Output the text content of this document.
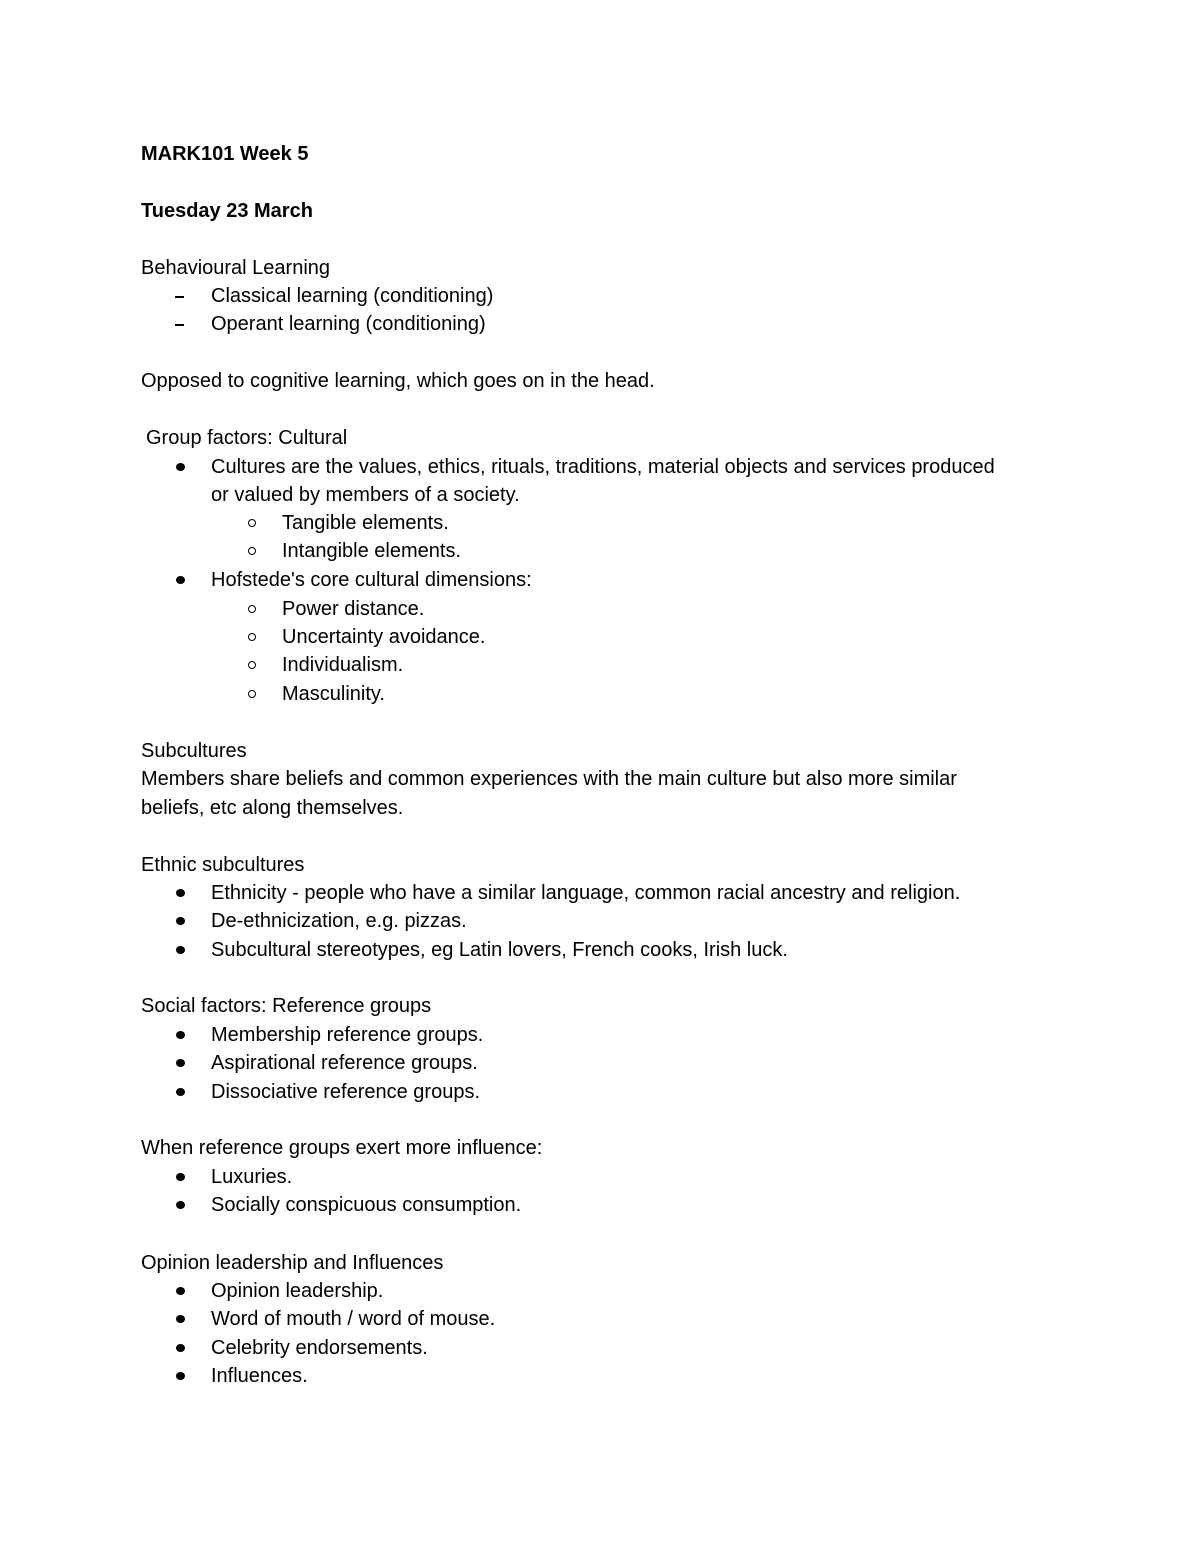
MARK101 Week 5
Tuesday 23 March
Behavioural Learning
Classical learning (conditioning)
Operant learning (conditioning)
Opposed to cognitive learning, which goes on in the head.
Group factors: Cultural
Cultures are the values, ethics, rituals, traditions, material objects and services produced
or valued by members of a society.
Tangible elements.
Intangible elements.
Hofstede's core cultural dimensions:
Power distance.
Uncertainty avoidance.
Individualism.
Masculinity.
Subcultures
Members share beliefs and common experiences with the main culture but also more similar
beliefs, etc along themselves.
Ethnic subcultures
Ethnicity - people who have a similar language, common racial ancestry and religion.
De-ethnicization, e.g. pizzas.
Subcultural stereotypes, eg Latin lovers, French cooks, Irish luck.
Social factors: Reference groups
Membership reference groups.
Aspirational reference groups.
Dissociative reference groups.
When reference groups exert more influence:
Luxuries.
Socially conspicuous consumption.
Opinion leadership and Influences
Opinion leadership.
Word of mouth / word of mouse.
Celebrity endorsements.
Influences.
